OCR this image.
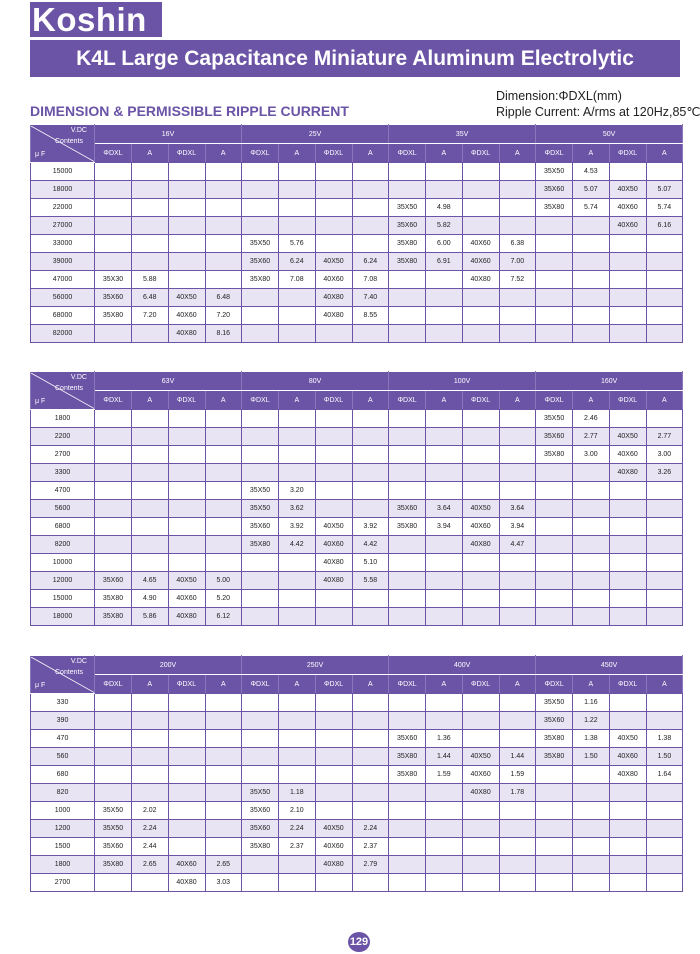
Koshin
K4L Large Capacitance Miniature Aluminum Electrolytic Capacitors
DIMENSION & PERMISSIBLE RIPPLE CURRENT
Dimension:ΦDXL(mm)
Ripple Current: A/rms at 120Hz,85℃
V.DC
Contents
μ F	16V				25V				35V				50V			
	ΦDXL	A	ΦDXL	A	ΦDXL	A	ΦDXL	A	ΦDXL	A	ΦDXL	A	ΦDXL	A	ΦDXL	A
15000													35X50	4.53		
18000													35X60	5.07	40X50	5.07
22000									35X50	4.98			35X80	5.74	40X60	5.74
27000									35X60	5.82					40X60	6.16
33000					35X50	5.76			35X80	6.00	40X60	6.38				
39000					35X60	6.24	40X50	6.24	35X80	6.91	40X60	7.00				
47000	35X30	5.88			35X80	7.08	40X60	7.08			40X80	7.52				
56000	35X60	6.48	40X50	6.48			40X80	7.40								
68000	35X80	7.20	40X60	7.20			40X80	8.55								
82000			40X80	8.16												
V.DC
Contents
μ F	63V				80V				100V				160V			
	ΦDXL	A	ΦDXL	A	ΦDXL	A	ΦDXL	A	ΦDXL	A	ΦDXL	A	ΦDXL	A	ΦDXL	A
1800													35X50	2.46		
2200													35X60	2.77	40X50	2.77
2700													35X80	3.00	40X60	3.00
3300															40X80	3.26
4700					35X50	3.20										
5600					35X50	3.62			35X60	3.64	40X50	3.64				
6800					35X60	3.92	40X50	3.92	35X80	3.94	40X60	3.94				
8200					35X80	4.42	40X60	4.42			40X80	4.47				
10000							40X80	5.10								
12000	35X60	4.65	40X50	5.00			40X80	5.58								
15000	35X80	4.90	40X60	5.20												
18000	35X80	5.86	40X80	6.12												
V.DC
Contents
μ F	200V				250V				400V				450V			
	ΦDXL	A	ΦDXL	A	ΦDXL	A	ΦDXL	A	ΦDXL	A	ΦDXL	A	ΦDXL	A	ΦDXL	A
330													35X50	1.16		
390													35X60	1.22		
470									35X60	1.36			35X80	1.38	40X50	1.38
560									35X80	1.44	40X50	1.44	35X80	1.50	40X60	1.50
680									35X80	1.59	40X60	1.59			40X80	1.64
820					35X50	1.18					40X80	1.78				
1000	35X50	2.02			35X60	2.10										
1200	35X50	2.24			35X60	2.24	40X50	2.24								
1500	35X60	2.44			35X80	2.37	40X60	2.37								
1800	35X80	2.65	40X60	2.65			40X80	2.79								
2700			40X80	3.03												
129
